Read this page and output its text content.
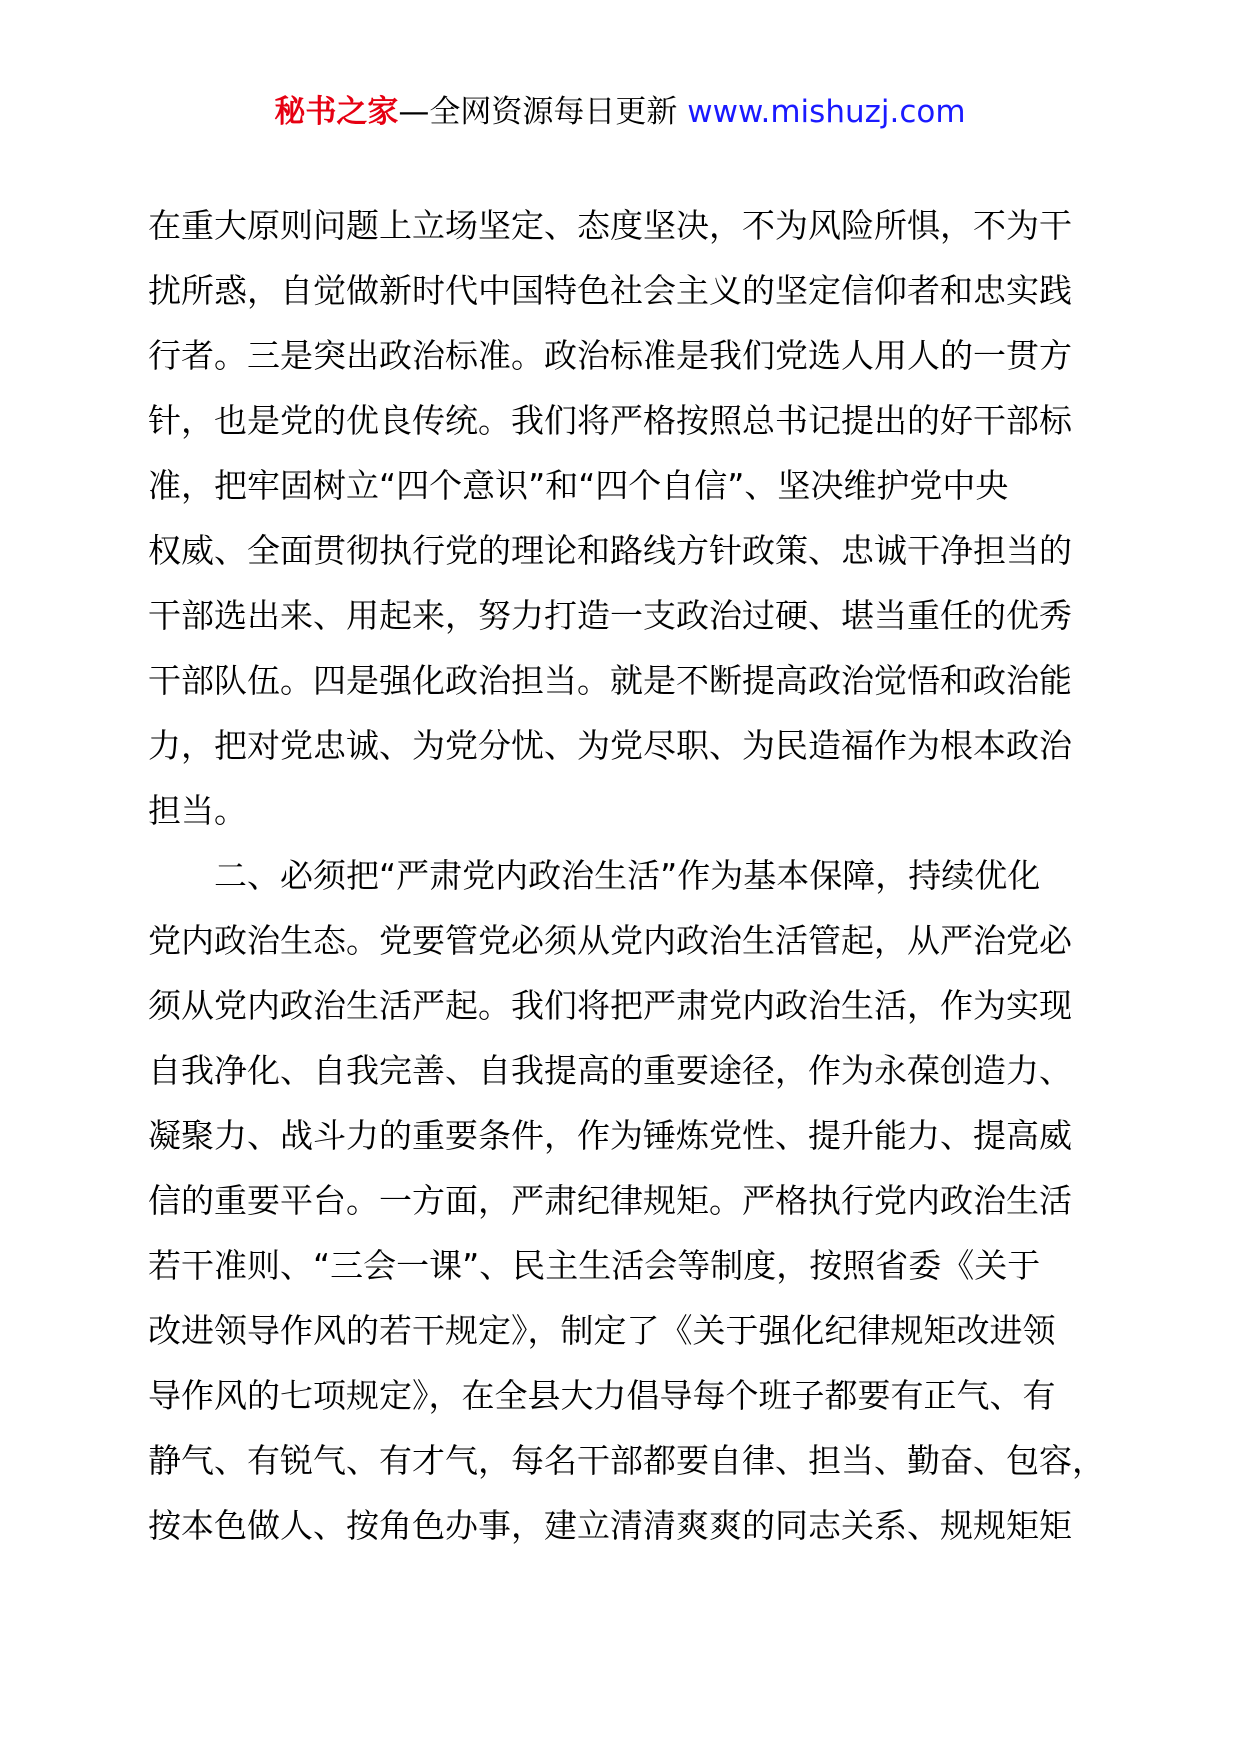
秘书之家—全网资源每日更新 www.mishuzj.com
在重大原则问题上立场坚定、态度坚决，不为风险所惧，不为干
扰所惑，自觉做新时代中国特色社会主义的坚定信仰者和忠实践
行者。三是突出政治标准。政治标准是我们党选人用人的一贯方
针，也是党的优良传统。我们将严格按照总书记提出的好干部标
准，把牢固树立“四个意识”和“四个自信”、坚决维护党中央
权威、全面贯彻执行党的理论和路线方针政策、忠诚干净担当的
干部选出来、用起来，努力打造一支政治过硬、堪当重任的优秀
干部队伍。四是强化政治担当。就是不断提高政治觉悟和政治能
力，把对党忠诚、为党分忧、为党尽职、为民造福作为根本政治
担当。
二、必须把“严肃党内政治生活”作为基本保障，持续优化
党内政治生态。党要管党必须从党内政治生活管起，从严治党必
须从党内政治生活严起。我们将把严肃党内政治生活，作为实现
自我净化、自我完善、自我提高的重要途径，作为永葆创造力、
凝聚力、战斗力的重要条件，作为锤炼党性、提升能力、提高威
信的重要平台。一方面，严肃纪律规矩。严格执行党内政治生活
若干准则、“三会一课”、民主生活会等制度，按照省委《关于
改进领导作风的若干规定》，制定了《关于强化纪律规矩改进领
导作风的七项规定》，在全县大力倡导每个班子都要有正气、有
静气、有锐气、有才气，每名干部都要自律、担当、勤奋、包容，
按本色做人、按角色办事，建立清清爽爽的同志关系、规规矩矩
